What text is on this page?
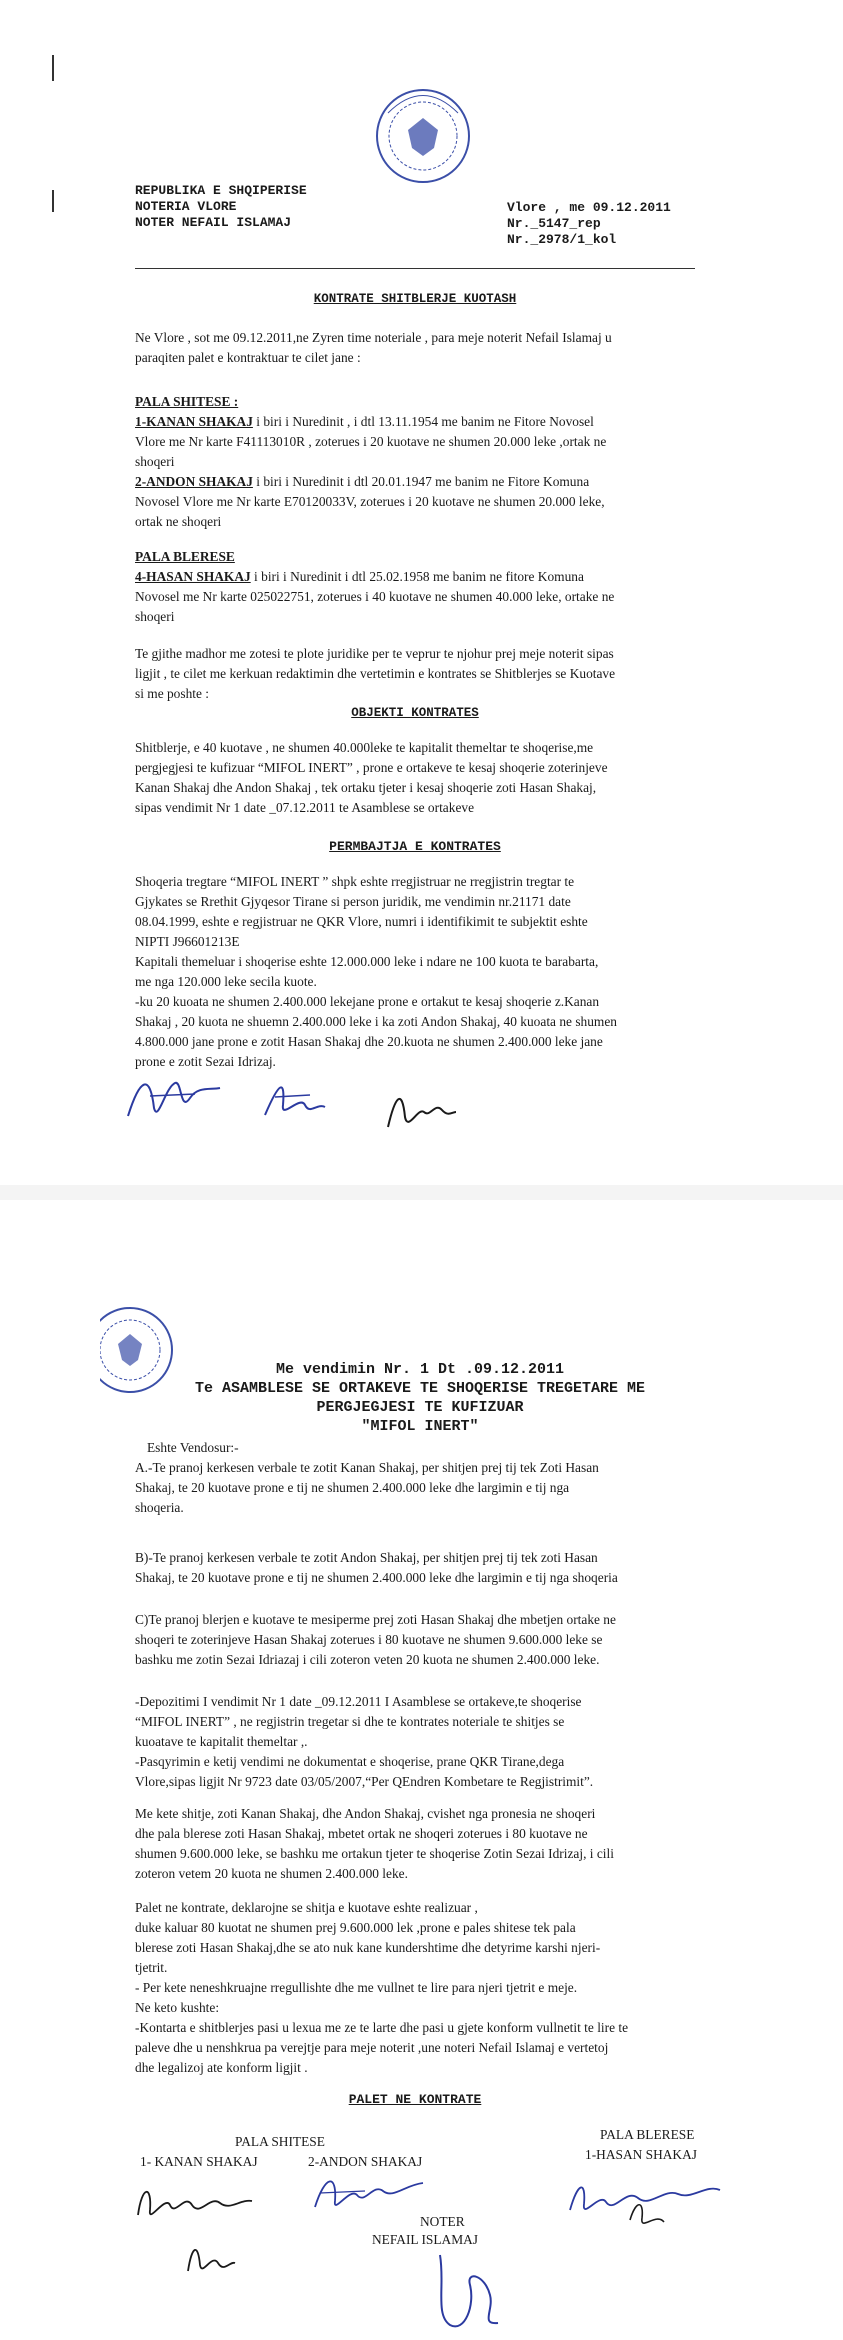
REPUBLIKA E SHQIPERISE
NOTERIA VLORE
NOTER NEFAIL ISLAMAJ
Vlore , me 09.12.2011
Nr._5147_rep
Nr._2978/1_kol
KONTRATE SHITBLERJE KUOTASH
Ne Vlore , sot me 09.12.2011,ne Zyren time noteriale , para meje noterit Nefail Islamaj u
paraqiten palet e kontraktuar te cilet jane :
PALA SHITESE :
1-KANAN SHAKAJ i biri i Nuredinit , i dtl 13.11.1954 me banim ne Fitore Novosel
Vlore me Nr karte F41113010R , zoterues i 20 kuotave ne shumen 20.000 leke ,ortak ne
shoqeri
2-ANDON SHAKAJ i biri i Nuredinit i dtl 20.01.1947 me banim ne Fitore Komuna
Novosel Vlore me Nr karte E70120033V, zoterues i 20 kuotave ne shumen 20.000 leke,
ortak ne shoqeri
PALA BLERESE
4-HASAN SHAKAJ i biri i Nuredinit i dtl 25.02.1958 me banim ne fitore Komuna
Novosel me Nr karte 025022751, zoterues i 40 kuotave ne shumen 40.000 leke, ortake ne
shoqeri
Te gjithe madhor me zotesi te plote juridike per te veprur te njohur prej meje noterit sipas
ligjit , te cilet me kerkuan redaktimin dhe vertetimin e kontrates se Shitblerjes se Kuotave
si me poshte :
OBJEKTI KONTRATES
Shitblerje, e 40 kuotave , ne shumen 40.000leke te kapitalit themeltar te shoqerise,me
pergjegjesi te kufizuar “MIFOL INERT” , prone e ortakeve te kesaj shoqerie zoterinjeve
Kanan Shakaj dhe Andon Shakaj , tek ortaku tjeter i kesaj shoqerie zoti Hasan Shakaj,
sipas vendimit Nr 1 date _07.12.2011 te Asamblese se ortakeve
PERMBAJTJA E KONTRATES
Shoqeria tregtare “MIFOL INERT ” shpk eshte rregjistruar ne rregjistrin tregtar te
Gjykates se Rrethit Gjyqesor Tirane si person juridik, me vendimin nr.21171 date
08.04.1999, eshte e regjistruar ne QKR Vlore, numri i identifikimit te subjektit eshte
NIPTI J96601213E
Kapitali themeluar i shoqerise eshte 12.000.000 leke i ndare ne 100 kuota te barabarta,
me nga 120.000 leke secila kuote.
-ku 20 kuoata ne shumen 2.400.000 lekejane prone e ortakut te kesaj shoqerie z.Kanan
Shakaj , 20 kuota ne shuemn 2.400.000 leke i ka zoti Andon Shakaj, 40 kuoata ne shumen
4.800.000 jane prone e zotit Hasan Shakaj dhe 20.kuota ne shumen 2.400.000 leke jane
prone e zotit Sezai Idrizaj.
Me vendimin Nr. 1 Dt .09.12.2011
Te ASAMBLESE SE ORTAKEVE TE SHOQERISE TREGETARE ME
PERGJEGJESI TE KUFIZUAR
"MIFOL INERT"
Eshte Vendosur:-
A.-Te pranoj kerkesen verbale te zotit Kanan Shakaj, per shitjen prej tij tek Zoti Hasan
Shakaj, te 20 kuotave prone e tij ne shumen 2.400.000 leke dhe largimin e tij nga
shoqeria.
B)-Te pranoj kerkesen verbale te zotit Andon Shakaj, per shitjen prej tij tek zoti Hasan
Shakaj, te 20 kuotave prone e tij ne shumen 2.400.000 leke dhe largimin e tij nga shoqeria
C)Te pranoj blerjen e kuotave te mesiperme prej zoti Hasan Shakaj dhe mbetjen ortake ne
shoqeri te zoterinjeve Hasan Shakaj zoterues i 80 kuotave ne shumen 9.600.000 leke se
bashku me zotin Sezai Idriazaj i cili zoteron veten 20 kuota ne shumen 2.400.000 leke.
-Depozitimi I vendimit Nr 1 date _09.12.2011 I Asamblese se ortakeve,te shoqerise
“MIFOL INERT” , ne regjistrin tregetar si dhe te kontrates noteriale te shitjes se
kuoatave te kapitalit themeltar ,.
-Pasqyrimin e ketij vendimi ne dokumentat e shoqerise, prane QKR Tirane,dega
Vlore,sipas ligjit Nr 9723 date 03/05/2007,“Per QEndren Kombetare te Regjistrimit”.
Me kete shitje, zoti Kanan Shakaj, dhe Andon Shakaj, cvishet nga pronesia ne shoqeri
dhe pala blerese zoti Hasan Shakaj, mbetet ortak ne shoqeri zoterues i 80 kuotave ne
shumen 9.600.000 leke, se bashku me ortakun tjeter te shoqerise Zotin Sezai Idrizaj, i cili
zoteron vetem 20 kuota ne shumen 2.400.000 leke.
Palet ne kontrate, deklarojne se shitja e kuotave eshte realizuar ,
duke kaluar 80 kuotat ne shumen prej 9.600.000 lek ,prone e pales shitese tek pala
blerese zoti Hasan Shakaj,dhe se ato nuk kane kundershtime dhe detyrime karshi njeri-
tjetrit.
- Per kete neneshkruajne rregullishte dhe me vullnet te lire para njeri tjetrit e meje.
Ne keto kushte:
-Kontarta e shitblerjes pasi u lexua me ze te larte dhe pasi u gjete konform vullnetit te lire te
paleve dhe u nenshkrua pa verejtje para meje noterit ,une noteri Nefail Islamaj e vertetoj
dhe legalizoj ate konform ligjit .
PALET NE KONTRATE
PALA SHITESE
1- KANAN SHAKAJ	2-ANDON SHAKAJ
PALA BLERESE
1-HASAN SHAKAJ
NOTER
NEFAIL ISLAMAJ
